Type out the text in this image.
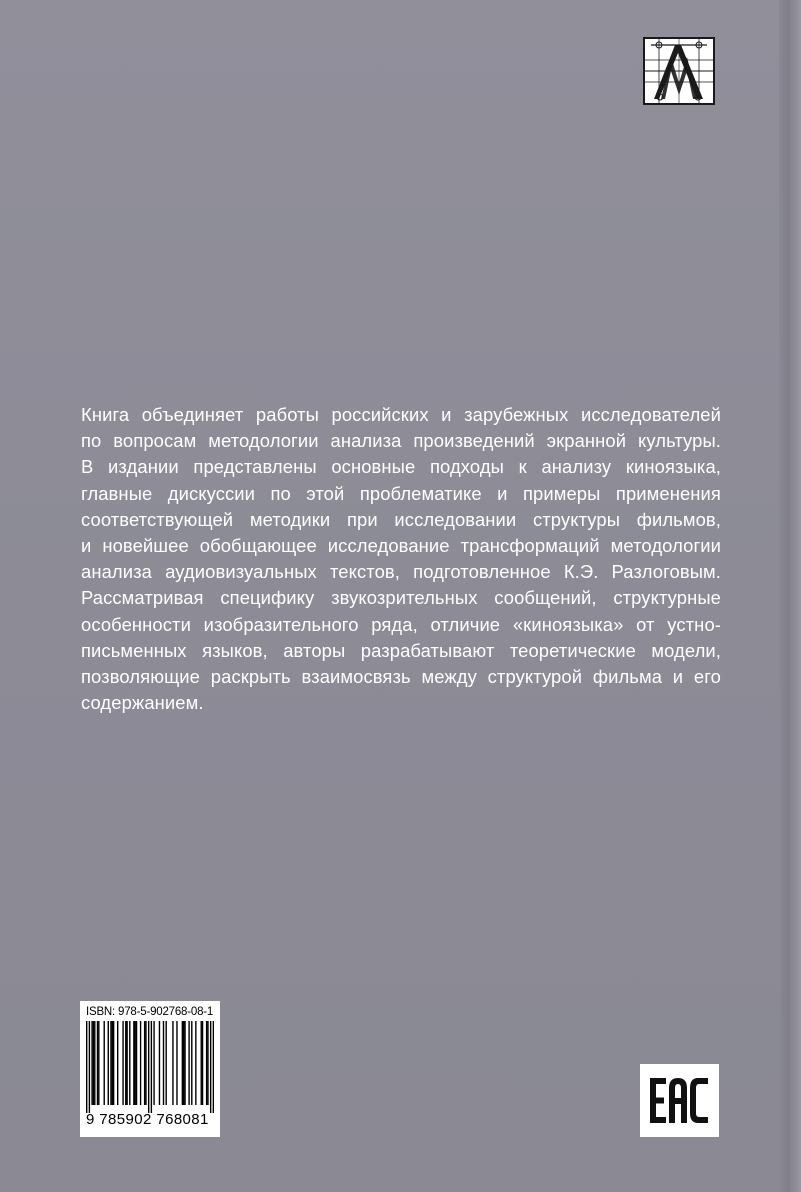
Книга объединяет работы российских и зарубежных исследователей
по вопросам методологии анализа произведений экранной культуры.
В издании представлены основные подходы к анализу киноязыка,
главные дискуссии по этой проблематике и примеры применения
соответствующей методики при исследовании структуры фильмов,
и новейшее обобщающее исследование трансформаций методологии
анализа аудиовизуальных текстов, подготовленное К.Э. Разлоговым.
Рассматривая специфику звукозрительных сообщений, структурные
особенности изобразительного ряда, отличие «киноязыка» от устно-
письменных языков, авторы разрабатывают теоретические модели,
позволяющие раскрыть взаимосвязь между структурой фильма и его
содержанием.
ISBN: 978-5-902768-08-1
9 785902 768081
